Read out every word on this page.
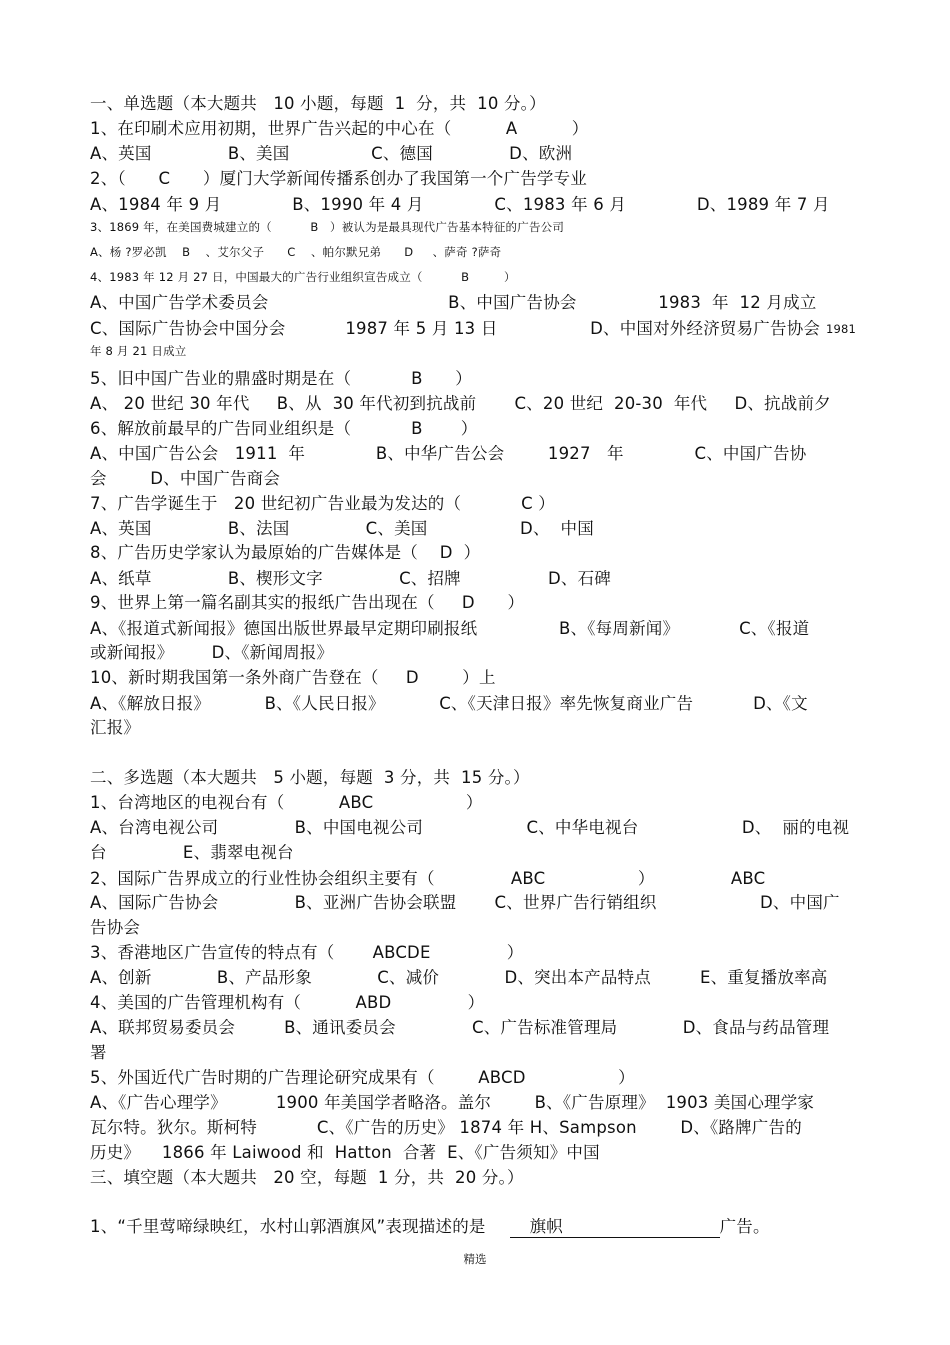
一、单选题（本大题共   10 小题，每题  1  分，共  10 分。）
1、在印刷术应用初期，世界广告兴起的中心在（          A          ）
A、英国              B、美国               C、德国              D、欧洲
2、（      C      ）厦门大学新闻传播系创办了我国第一个广告学专业
A、1984 年 9 月             B、1990 年 4 月             C、1983 年 6 月             D、1989 年 7 月
3、1869 年，在美国费城建立的（          B   ）被认为是最具现代广告基本特征的广告公司
A、杨 ?罗必凯    B    、艾尔父子      C    、帕尔默兄弟      D     、萨奇 ?萨奇
4、1983 年 12 月 27 日，中国最大的广告行业组织宣告成立（          B         ）
A、中国广告学术委员会                                 B、中国广告协会               1983  年  12 月成立
C、国际广告协会中国分会           1987 年 5 月 13 日                 D、中国对外经济贸易广告协会 1981
年 8 月 21 日成立
5、旧中国广告业的鼎盛时期是在（           B      ）
A、 20 世纪 30 年代     B、从  30 年代初到抗战前       C、20 世纪  20-30  年代     D、抗战前夕
6、解放前最早的广告同业组织是（           B       ）
A、中国广告公会   1911  年             B、中华广告公会        1927   年             C、中国广告协
会        D、中国广告商会
7、广告学诞生于   20 世纪初广告业最为发达的（           C ）
A、英国              B、法国              C、美国                 D、  中国
8、广告历史学家认为最原始的广告媒体是（    D  ）
A、纸草              B、楔形文字              C、招牌                D、石碑
9、世界上第一篇名副其实的报纸广告出现在（     D      ）
A、《报道式新闻报》德国出版世界最早定期印刷报纸               B、《每周新闻》           C、《报道
或新闻报》       D、《新闻周报》
10、新时期我国第一条外商广告登在（     D        ）上
A、《解放日报》          B、《人民日报》          C、《天津日报》率先恢复商业广告           D、《文
汇报》
二、多选题（本大题共   5 小题，每题  3 分，共  15 分。）
1、台湾地区的电视台有（          ABC                 ）
A、台湾电视公司              B、中国电视公司                   C、中华电视台                   D、  丽的电视
台              E、翡翠电视台
2、国际广告界成立的行业性协会组织主要有（              ABC                 ）              ABC
A、国际广告协会              B、亚洲广告协会联盟       C、世界广告行销组织                   D、中国广
告协会
3、香港地区广告宣传的特点有（       ABCDE              ）
A、创新            B、产品形象            C、减价            D、突出本产品特点         E、重复播放率高
4、美国的广告管理机构有（          ABD              ）
A、联邦贸易委员会         B、通讯委员会              C、广告标准管理局            D、食品与药品管理
署
5、外国近代广告时期的广告理论研究成果有（        ABCD                 ）
A、《广告心理学》         1900 年美国学者略洛。盖尔        B、《广告原理》  1903 美国心理学家
瓦尔特。狄尔。斯柯特           C、《广告的历史》 1874 年 H、Sampson        D、《路牌广告的
历史》    1866 年 Laiwood 和  Hatton  合著  E、《广告须知》中国
三、填空题（本大题共   20 空，每题  1 分，共  20 分。）
1、“千里莺啼绿映红，水村山郭酒旗风”表现描述的是	旗帜	广告。
精选
